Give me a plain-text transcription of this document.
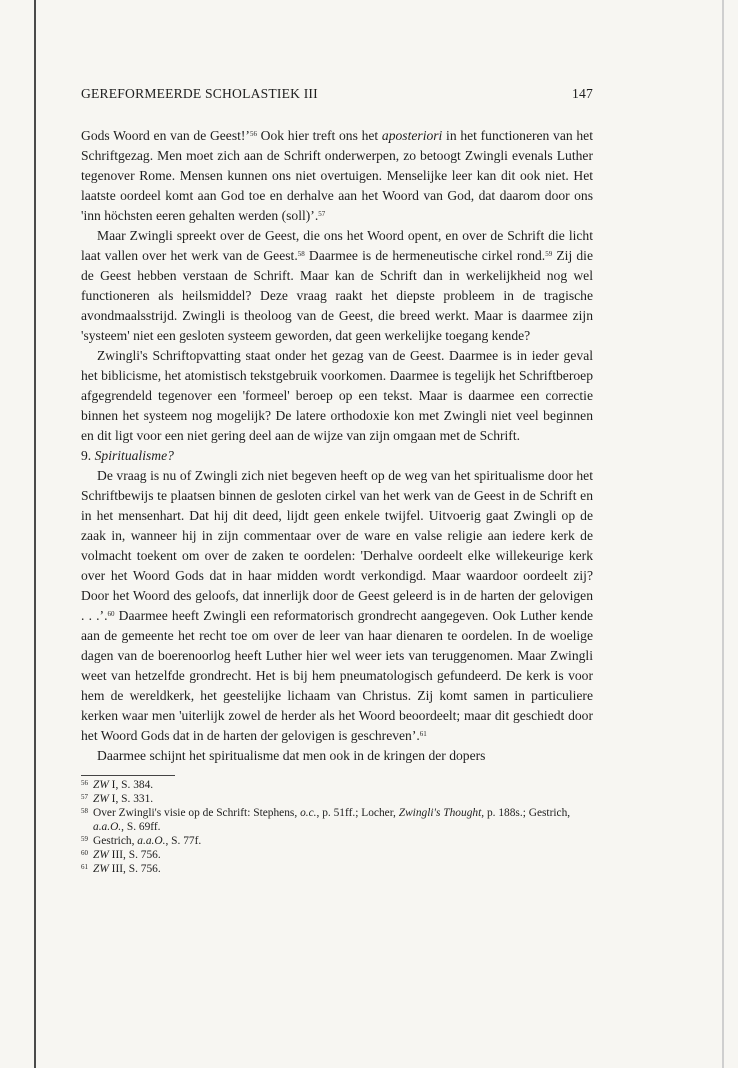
GEREFORMEERDE SCHOLASTIEK III	147

Gods Woord en van de Geest!’$^{56}$ Ook hier treft ons het aposteriori in het functioneren van het Schriftgezag. Men moet zich aan de Schrift onderwerpen, zo betoogt Zwingli evenals Luther tegenover Rome. Mensen kunnen ons niet overtuigen. Menselijke leer kan dit ook niet. Het laatste oordeel komt aan God toe en derhalve aan het Woord van God, dat daarom door ons 'inn höchsten eeren gehalten werden (soll)’.$^{57}$

Maar Zwingli spreekt over de Geest, die ons het Woord opent, en over de Schrift die licht laat vallen over het werk van de Geest.$^{58}$ Daarmee is de hermeneutische cirkel rond.$^{59}$ Zij die de Geest hebben verstaan de Schrift. Maar kan de Schrift dan in werkelijkheid nog wel functioneren als heilsmiddel? Deze vraag raakt het diepste probleem in de tragische avondmaalsstrijd. Zwingli is theoloog van de Geest, die breed werkt. Maar is daarmee zijn 'systeem' niet een gesloten systeem geworden, dat geen werkelijke toegang kende?

Zwingli's Schriftopvatting staat onder het gezag van de Geest. Daarmee is in ieder geval het biblicisme, het atomistisch tekstgebruik voorkomen. Daarmee is tegelijk het Schriftberoep afgegrendeld tegenover een 'formeel' beroep op een tekst. Maar is daarmee een correctie binnen het systeem nog mogelijk? De latere orthodoxie kon met Zwingli niet veel beginnen en dit ligt voor een niet gering deel aan de wijze van zijn omgaan met de Schrift.

9. Spiritualisme?

De vraag is nu of Zwingli zich niet begeven heeft op de weg van het spiritualisme door het Schriftbewijs te plaatsen binnen de gesloten cirkel van het werk van de Geest in de Schrift en in het mensenhart. Dat hij dit deed, lijdt geen enkele twijfel. Uitvoerig gaat Zwingli op de zaak in, wanneer hij in zijn commentaar over de ware en valse religie aan iedere kerk de volmacht toekent om over de zaken te oordelen: 'Derhalve oordeelt elke willekeurige kerk over het Woord Gods dat in haar midden wordt verkondigd. Maar waardoor oordeelt zij? Door het Woord des geloofs, dat innerlijk door de Geest geleerd is in de harten der gelovigen . . .’.$^{60}$ Daarmee heeft Zwingli een reformatorisch grondrecht aangegeven. Ook Luther kende aan de gemeente het recht toe om over de leer van haar dienaren te oordelen. In de woelige dagen van de boerenoorlog heeft Luther hier wel weer iets van teruggenomen. Maar Zwingli weet van hetzelfde grondrecht. Het is bij hem pneumatologisch gefundeerd. De kerk is voor hem de wereldkerk, het geestelijke lichaam van Christus. Zij komt samen in particuliere kerken waar men 'uiterlijk zowel de herder als het Woord beoordeelt; maar dit geschiedt door het Woord Gods dat in de harten der gelovigen is geschreven’.$^{61}$

Daarmee schijnt het spiritualisme dat men ook in de kringen der dopers

56 ZW I, S. 384.
57 ZW I, S. 331.
58 Over Zwingli's visie op de Schrift: Stephens, o.c., p. 51ff.; Locher, Zwingli's Thought, p. 188s.; Gestrich, a.a.O., S. 69ff.
59 Gestrich, a.a.O., S. 77f.
60 ZW III, S. 756.
61 ZW III, S. 756.
